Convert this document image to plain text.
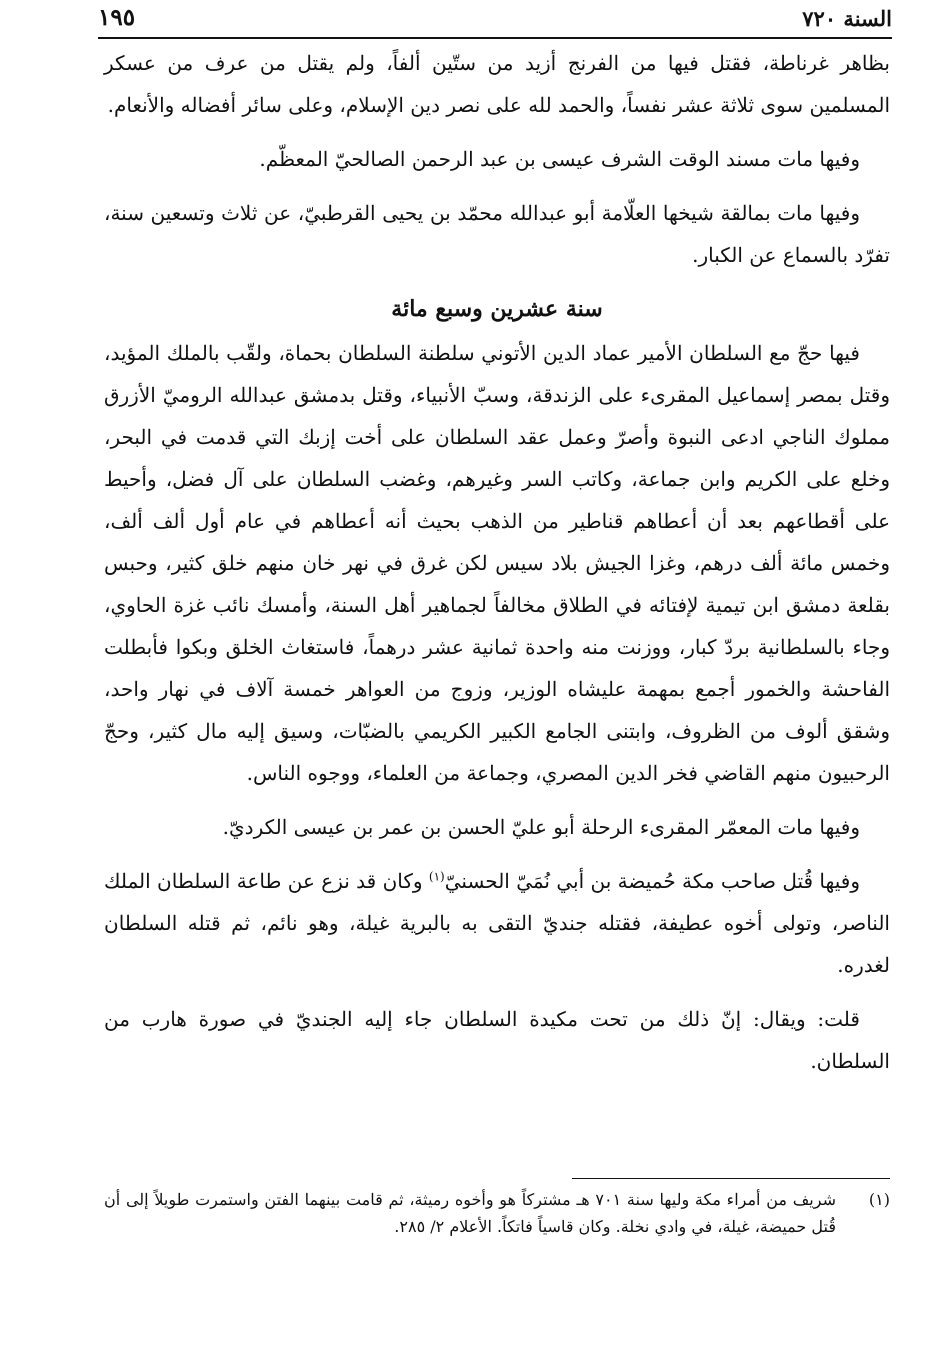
السنة ٧٢٠
١٩٥

بظاهر غرناطة، فقتل فيها من الفرنج أزيد من ستّين ألفاً، ولم يقتل من عرف من عسكر المسلمين سوى ثلاثة عشر نفساً، والحمد لله على نصر دين الإسلام، وعلى سائر أفضاله والأنعام.

وفيها مات مسند الوقت الشرف عيسى بن عبد الرحمن الصالحيّ المعظّم.

وفيها مات بمالقة شيخها العلّامة أبو عبدالله محمّد بن يحيى القرطبيّ، عن ثلاث وتسعين سنة، تفرّد بالسماع عن الكبار.

سنة عشرين وسبع مائة

فيها حجّ مع السلطان الأمير عماد الدين الأتوني سلطنة السلطان بحماة، ولقّب بالملك المؤيد، وقتل بمصر إسماعيل المقرىء على الزندقة، وسبّ الأنبياء، وقتل بدمشق عبدالله الروميّ الأزرق مملوك الناجي ادعى النبوة وأصرّ وعمل عقد السلطان على أخت إزبك التي قدمت في البحر، وخلع على الكريم وابن جماعة، وكاتب السر وغيرهم، وغضب السلطان على آل فضل، وأحيط على أقطاعهم بعد أن أعطاهم قناطير من الذهب بحيث أنه أعطاهم في عام أول ألف ألف، وخمس مائة ألف درهم، وغزا الجيش بلاد سيس لكن غرق في نهر خان منهم خلق كثير، وحبس بقلعة دمشق ابن تيمية لإفتائه في الطلاق مخالفاً لجماهير أهل السنة، وأمسك نائب غزة الحاوي، وجاء بالسلطانية بردّ كبار، ووزنت منه واحدة ثمانية عشر درهماً، فاستغاث الخلق وبكوا فأبطلت الفاحشة والخمور أجمع بمهمة عليشاه الوزير، وزوج من العواهر خمسة آلاف في نهار واحد، وشقق ألوف من الظروف، وابتنى الجامع الكبير الكريمي بالضبّات، وسيق إليه مال كثير، وحجّ الرحبيون منهم القاضي فخر الدين المصري، وجماعة من العلماء، ووجوه الناس.

وفيها مات المعمّر المقرىء الرحلة أبو عليّ الحسن بن عمر بن عيسى الكرديّ.

وفيها قُتل صاحب مكة حُميضة بن أبي نُمَيّ الحسنيّ$^{(١)}$ وكان قد نزع عن طاعة السلطان الملك الناصر، وتولى أخوه عطيفة، فقتله جنديّ التقى به بالبرية غيلة، وهو نائم، ثم قتله السلطان لغدره.

قلت: ويقال: إنّ ذلك من تحت مكيدة السلطان جاء إليه الجنديّ في صورة هارب من السلطان.

(١)
شريف من أمراء مكة وليها سنة ٧٠١ هـ مشتركاً هو وأخوه رميثة، ثم قامت بينهما الفتن واستمرت طويلاً إلى أن قُتل حميضة، غيلة، في وادي نخلة. وكان قاسياً فاتكاً. الأعلام ٢/ ٢٨٥.
